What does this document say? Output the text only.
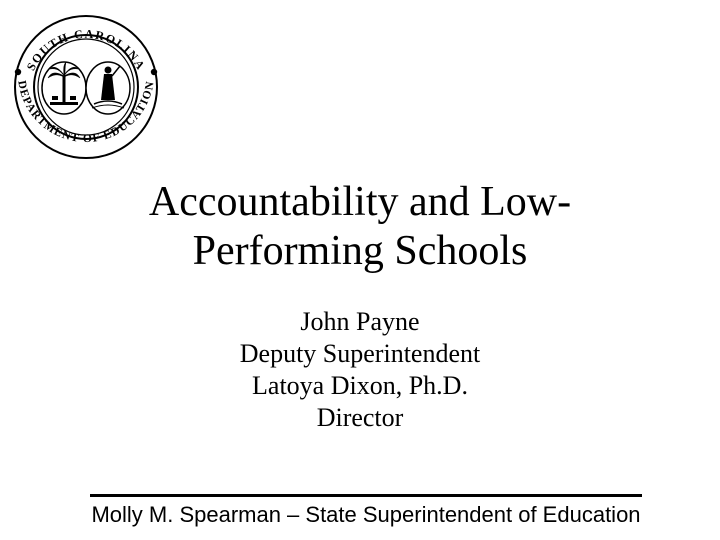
SOUTH CAROLINA
DEPARTMENT OF EDUCATION
Accountability and Low-
Performing Schools
John Payne
Deputy Superintendent
Latoya Dixon, Ph.D.
Director
Molly M. Spearman – State Superintendent of Education
